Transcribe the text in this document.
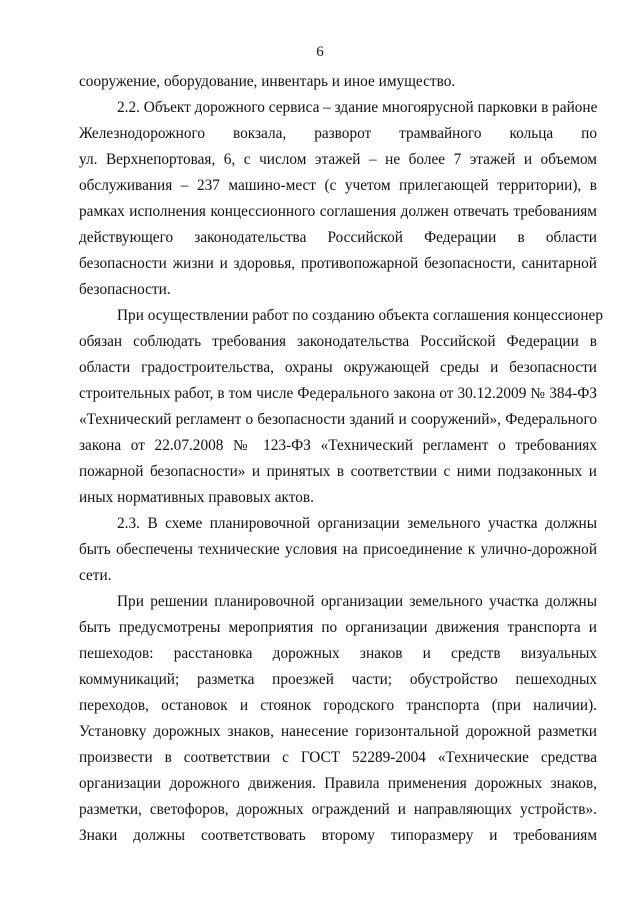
6
сооружение, оборудование, инвентарь и иное имущество.
2.2. Объект дорожного сервиса – здание многоярусной парковки в районе
Железнодорожного вокзала, разворот трамвайного кольца по
ул. Верхнепортовая, 6, с числом этажей – не более 7 этажей и объемом
обслуживания – 237 машино-мест (с учетом прилегающей территории), в
рамках исполнения концессионного соглашения должен отвечать требованиям
действующего законодательства Российской Федерации в области
безопасности жизни и здоровья, противопожарной безопасности, санитарной
безопасности.
При осуществлении работ по созданию объекта соглашения концессионер
обязан соблюдать требования законодательства Российской Федерации в
области градостроительства, охраны окружающей среды и безопасности
строительных работ, в том числе Федерального закона от 30.12.2009 № 384-ФЗ
«Технический регламент о безопасности зданий и сооружений», Федерального
закона от 22.07.2008 № 123-ФЗ «Технический регламент о требованиях
пожарной безопасности» и принятых в соответствии с ними подзаконных и
иных нормативных правовых актов.
2.3. В схеме планировочной организации земельного участка должны
быть обеспечены технические условия на присоединение к улично-дорожной
сети.
При решении планировочной организации земельного участка должны
быть предусмотрены мероприятия по организации движения транспорта и
пешеходов: расстановка дорожных знаков и средств визуальных
коммуникаций; разметка проезжей части; обустройство пешеходных
переходов, остановок и стоянок городского транспорта (при наличии).
Установку дорожных знаков, нанесение горизонтальной дорожной разметки
произвести в соответствии с ГОСТ 52289-2004 «Технические средства
организации дорожного движения. Правила применения дорожных знаков,
разметки, светофоров, дорожных ограждений и направляющих устройств».
Знаки должны соответствовать второму типоразмеру и требованиям
